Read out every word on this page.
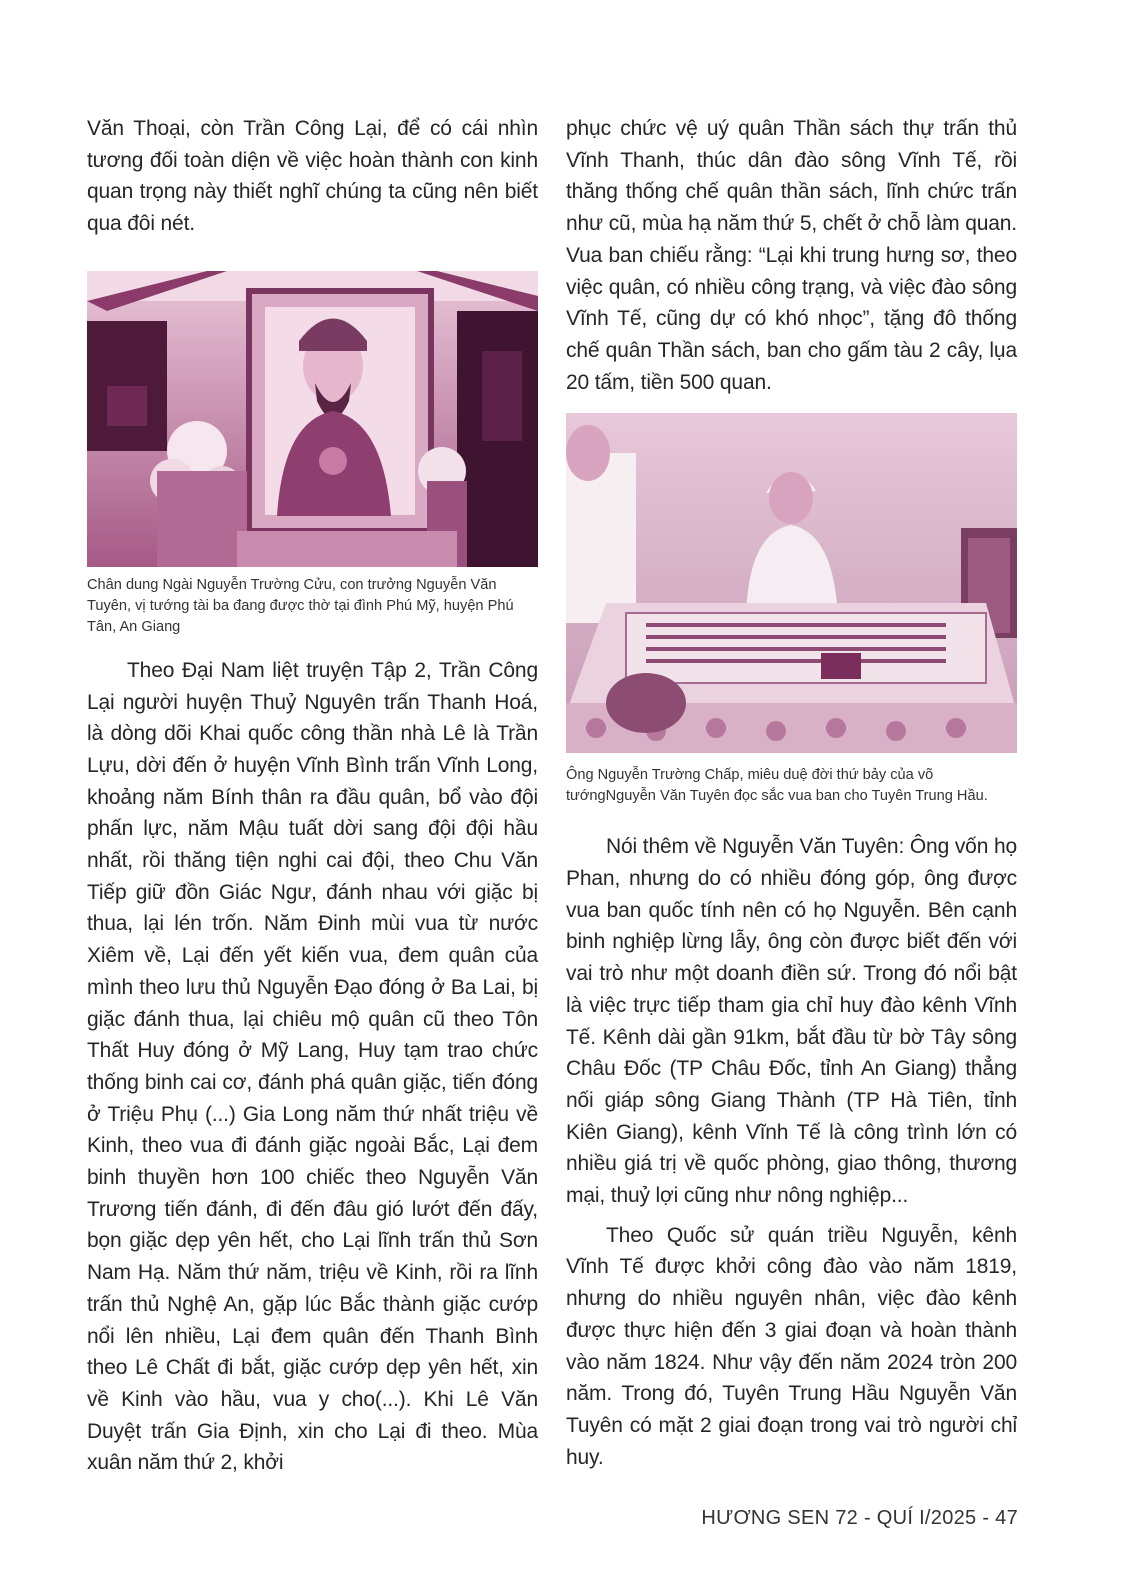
Văn Thoại, còn Trần Công Lại, để có cái nhìn tương đối toàn diện về việc hoàn thành con kinh quan trọng này thiết nghĩ chúng ta cũng nên biết qua đôi nét.

Chân dung Ngài Nguyễn Trường Cửu, con trưởng Nguyễn Văn Tuyên, vị tướng tài ba đang được thờ tại đình Phú Mỹ, huyện Phú Tân, An Giang

Theo Đại Nam liệt truyện Tập 2, Trần Công Lại người huyện Thuỷ Nguyên trấn Thanh Hoá, là dòng dõi Khai quốc công thần nhà Lê là Trần Lựu, dời đến ở huyện Vĩnh Bình trấn Vĩnh Long, khoảng năm Bính thân ra đầu quân, bổ vào đội phấn lực, năm Mậu tuất dời sang đội đội hầu nhất, rồi thăng tiện nghi cai đội, theo Chu Văn Tiếp giữ đồn Giác Ngư, đánh nhau với giặc bị thua, lại lén trốn. Năm Đinh mùi vua từ nước Xiêm về, Lại đến yết kiến vua, đem quân của mình theo lưu thủ Nguyễn Đạo đóng ở Ba Lai, bị giặc đánh thua, lại chiêu mộ quân cũ theo Tôn Thất Huy đóng ở Mỹ Lang, Huy tạm trao chức thống binh cai cơ, đánh phá quân giặc, tiến đóng ở Triệu Phụ (...) Gia Long năm thứ nhất triệu về Kinh, theo vua đi đánh giặc ngoài Bắc, Lại đem binh thuyền hơn 100 chiếc theo Nguyễn Văn Trương tiến đánh, đi đến đâu gió lướt đến đấy, bọn giặc dẹp yên hết, cho Lại lĩnh trấn thủ Sơn Nam Hạ. Năm thứ năm, triệu về Kinh, rồi ra lĩnh trấn thủ Nghệ An, gặp lúc Bắc thành giặc cướp nổi lên nhiều, Lại đem quân đến Thanh Bình theo Lê Chất đi bắt, giặc cướp dẹp yên hết, xin về Kinh vào hầu, vua y cho(...). Khi Lê Văn Duyệt trấn Gia Định, xin cho Lại đi theo. Mùa xuân năm thứ 2, khởi

phục chức vệ uý quân Thần sách thự trấn thủ Vĩnh Thanh, thúc dân đào sông Vĩnh Tế, rồi thăng thống chế quân thần sách, lĩnh chức trấn như cũ, mùa hạ năm thứ 5, chết ở chỗ làm quan. Vua ban chiếu rằng: “Lại khi trung hưng sơ, theo việc quân, có nhiều công trạng, và việc đào sông Vĩnh Tế, cũng dự có khó nhọc”, tặng đô thống chế quân Thần sách, ban cho gấm tàu 2 cây, lụa 20 tấm, tiền 500 quan.

Ông Nguyễn Trường Chấp, miêu duệ đời thứ bảy của võ tướngNguyễn Văn Tuyên đọc sắc vua ban cho Tuyên Trung Hầu.

Nói thêm về Nguyễn Văn Tuyên: Ông vốn họ Phan, nhưng do có nhiều đóng góp, ông được vua ban quốc tính nên có họ Nguyễn. Bên cạnh binh nghiệp lừng lẫy, ông còn được biết đến với vai trò như một doanh điền sứ. Trong đó nổi bật là việc trực tiếp tham gia chỉ huy đào kênh Vĩnh Tế. Kênh dài gần 91km, bắt đầu từ bờ Tây sông Châu Đốc (TP Châu Đốc, tỉnh An Giang) thẳng nối giáp sông Giang Thành (TP Hà Tiên, tỉnh Kiên Giang), kênh Vĩnh Tế là công trình lớn có nhiều giá trị về quốc phòng, giao thông, thương mại, thuỷ lợi cũng như nông nghiệp...

Theo Quốc sử quán triều Nguyễn, kênh Vĩnh Tế được khởi công đào vào năm 1819, nhưng do nhiều nguyên nhân, việc đào kênh được thực hiện đến 3 giai đoạn và hoàn thành vào năm 1824. Như vậy đến năm 2024 tròn 200 năm. Trong đó, Tuyên Trung Hầu Nguyễn Văn Tuyên có mặt 2 giai đoạn trong vai trò người chỉ huy.

HƯƠNG SEN 72 - QUÍ I/2025 - 47
